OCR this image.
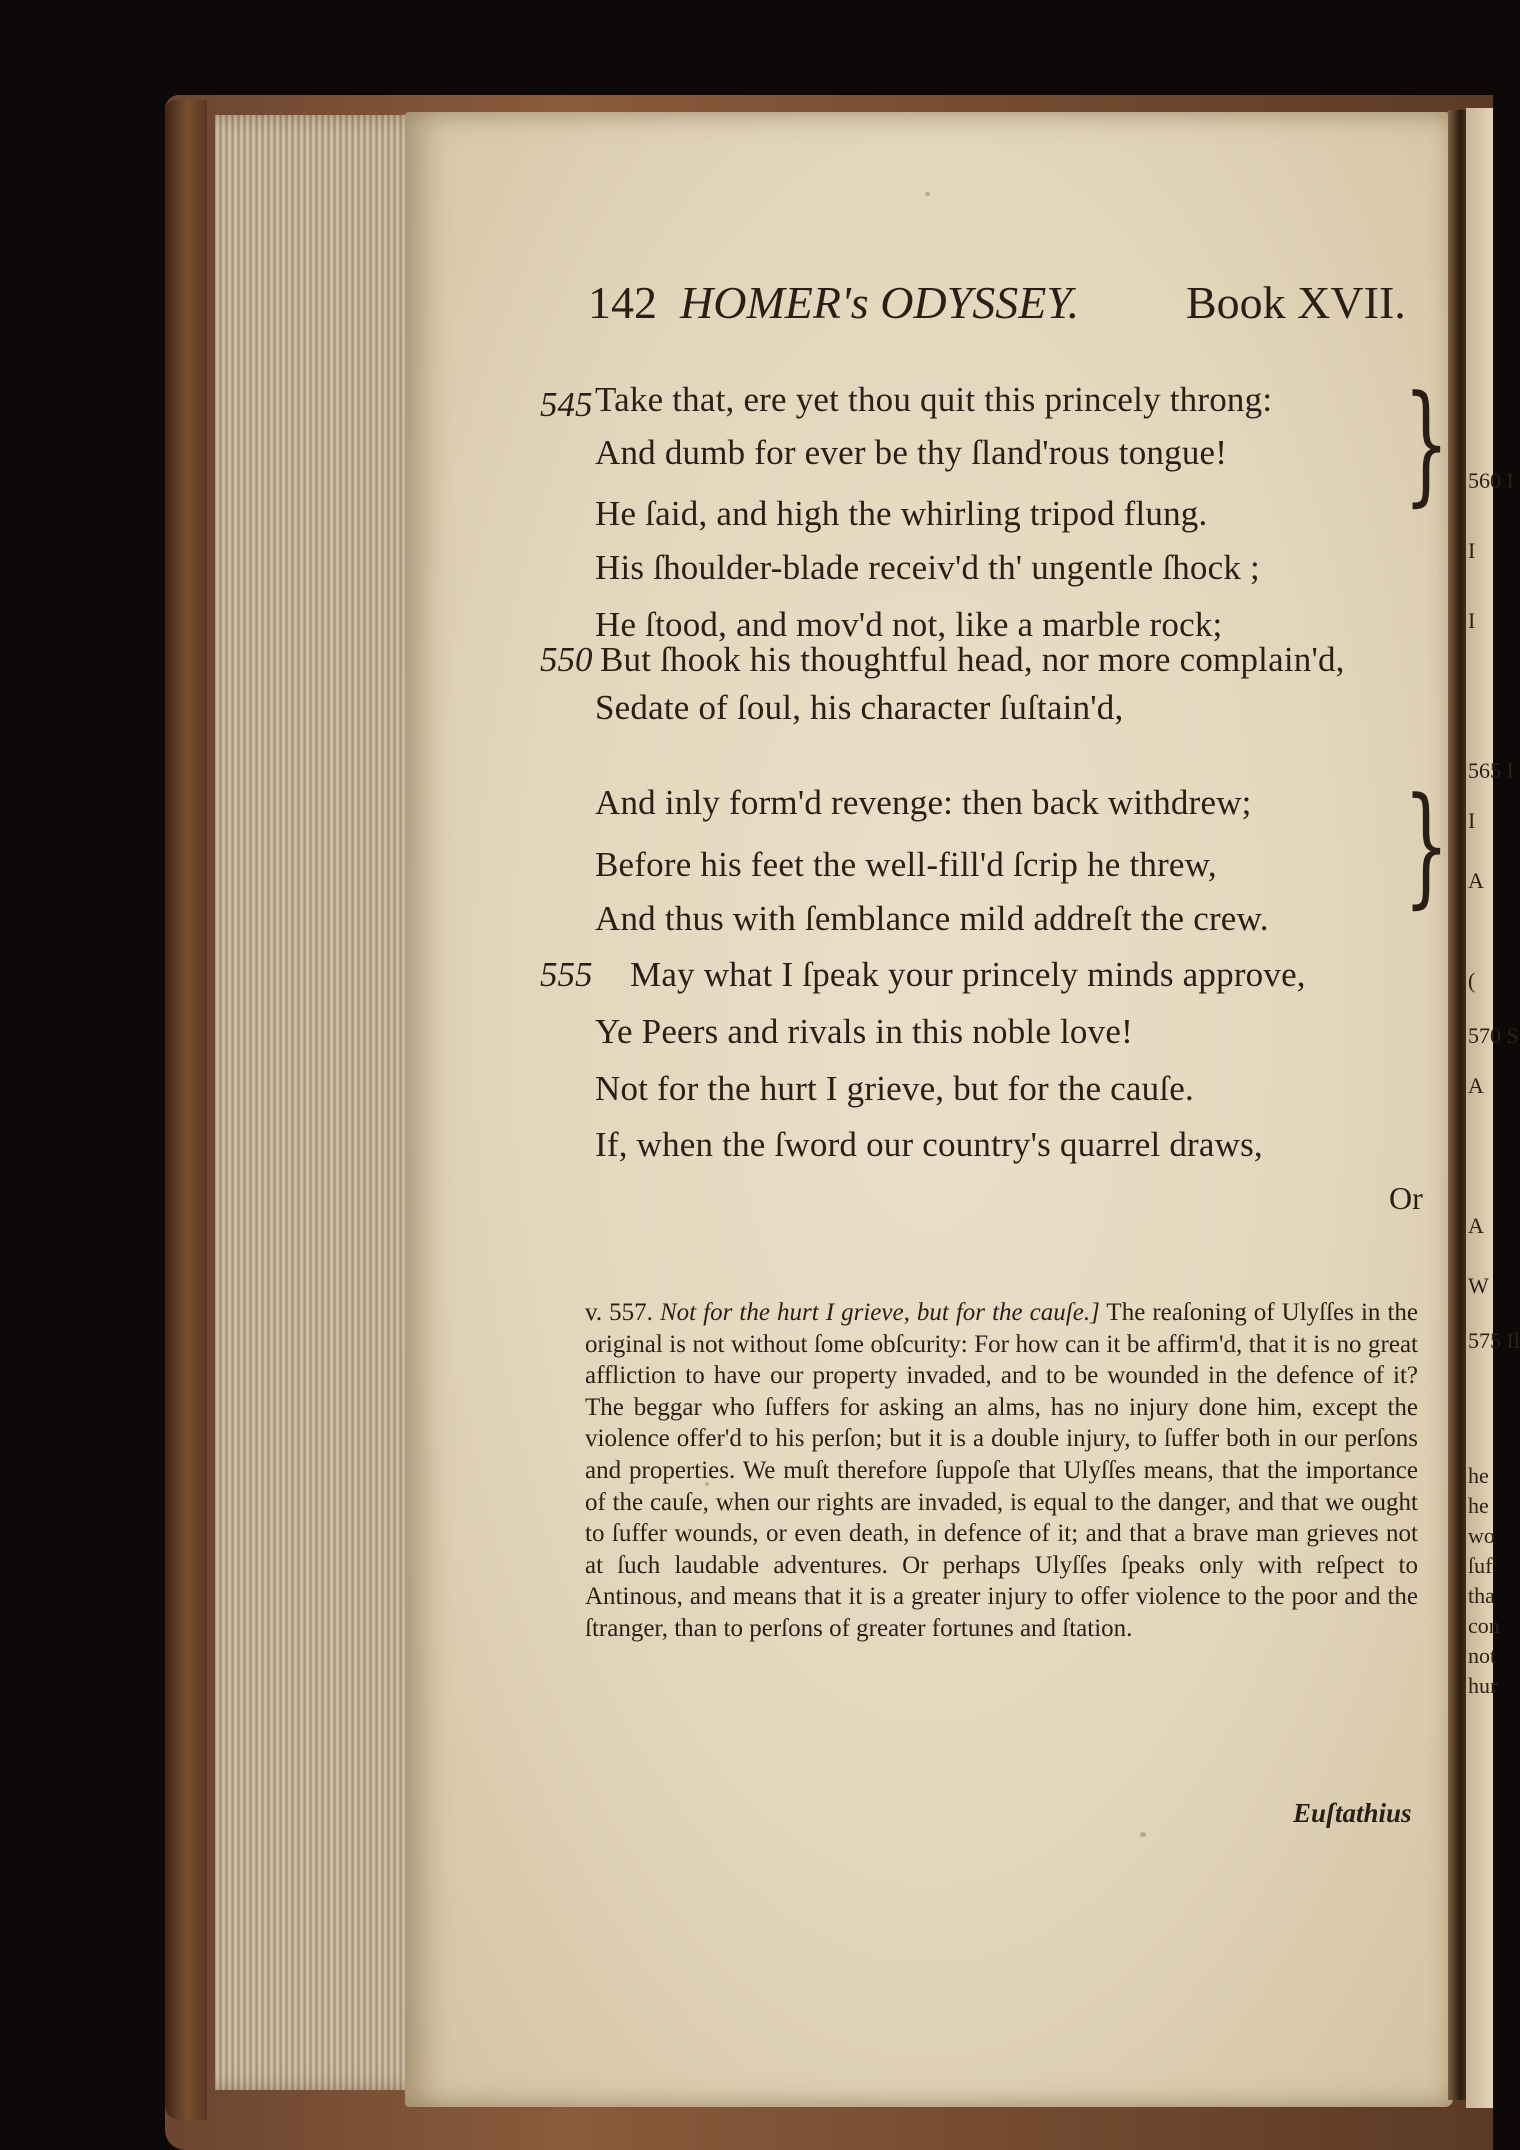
560 I
I
I
565 I
I
A
(
570 S
A
A
W
575 Il
he
he
wo
ſuf
tha
con
not
hur
142 HOMER's ODYSSEY.	Book XVII.
545
550
555
Take that, ere yet thou quit this princely throng:
And dumb for ever be thy ſland'rous tongue!
He ſaid, and high the whirling tripod flung.
His ſhoulder-blade receiv'd th' ungentle ſhock ;
He ſtood, and mov'd not, like a marble rock;
But ſhook his thoughtful head, nor more complain'd,
Sedate of ſoul, his character ſuſtain'd,
And inly form'd revenge: then back withdrew;
Before his feet the well-fill'd ſcrip he threw,
And thus with ſemblance mild addreſt the crew.
May what I ſpeak your princely minds approve,
Ye Peers and rivals in this noble love!
Not for the hurt I grieve, but for the cauſe.
If, when the ſword our country's quarrel draws,
}
}
Or
v. 557. Not for the hurt I grieve, but for the cauſe.] The reaſoning of Ulyſſes in the original is not without ſome obſcurity: For how can it be affirm'd, that it is no great affliction to have our property invaded, and to be wounded in the defence of it? The beggar who ſuffers for asking an alms, has no injury done him, except the violence offer'd to his perſon; but it is a double injury, to ſuffer both in our perſons and properties. We muſt therefore ſuppoſe that Ulyſſes means, that the importance of the cauſe, when our rights are invaded, is equal to the danger, and that we ought to ſuffer wounds, or even death, in defence of it; and that a brave man grieves not at ſuch laudable adventures. Or perhaps Ulyſſes ſpeaks only with reſpect to Antinous, and means that it is a greater injury to offer violence to the poor and the ſtranger, than to perſons of greater fortunes and ſtation.
Euſtathius
